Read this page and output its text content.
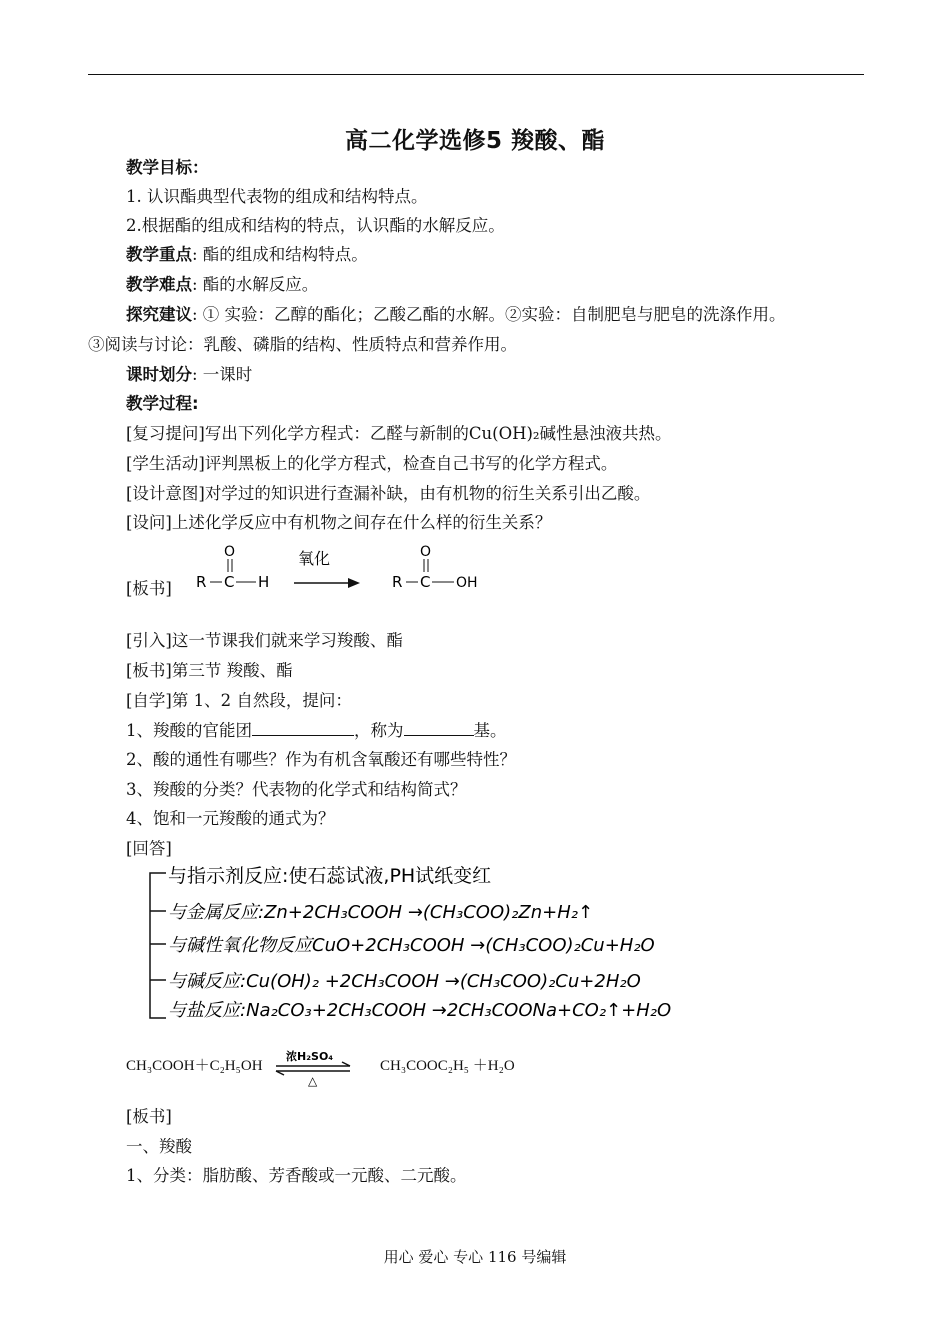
高二化学选修5 羧酸、酯
教学目标：
1. 认识酯典型代表物的组成和结构特点。
2.根据酯的组成和结构的特点，认识酯的水解反应。
教学重点: 酯的组成和结构特点。
教学难点: 酯的水解反应。
探究建议: ① 实验：乙醇的酯化；乙酸乙酯的水解。②实验：自制肥皂与肥皂的洗涤作用。
③阅读与讨论：乳酸、磷脂的结构、性质特点和营养作用。
课时划分: 一课时
教学过程:
[复习提问]写出下列化学方程式：乙醛与新制的Cu(OH)₂碱性悬浊液共热。
[学生活动]评判黑板上的化学方程式，检查自己书写的化学方程式。
[设计意图]对学过的知识进行查漏补缺，由有机物的衍生关系引出乙酸。
[设问]上述化学反应中有机物之间存在什么样的衍生关系？
[板书] R C
O
H
氧化
R C
O
OH
[引入]这一节课我们就来学习羧酸、酯
[板书]第三节 羧酸、酯
[自学]第 1、2 自然段，提问：
1、羧酸的官能团	，称为	基。
2、酸的通性有哪些？作为有机含氧酸还有哪些特性？
3、羧酸的分类？代表物的化学式和结构简式？
4、饱和一元羧酸的通式为？
[回答]
与指示剂反应:使石蕊试液,PH试纸变红
与金属反应:Zn+2CH₃COOH →(CH₃COO)₂Zn+H₂↑
与碱性氧化物反应CuO+2CH₃COOH →(CH₃COO)₂Cu+H₂O
与碱反应:Cu(OH)₂ +2CH₃COOH →(CH₃COO)₂Cu+2H₂O
与盐反应:Na₂CO₃+2CH₃COOH →2CH₃COONa+CO₂↑+H₂O
CH₃COOH＋C₂H₅OH
浓H₂SO₄
△
CH₃COOC₂H₅ ＋H₂O
[板书]
一、羧酸
1、分类：脂肪酸、芳香酸或一元酸、二元酸。
用心 爱心 专心 116 号编辑
